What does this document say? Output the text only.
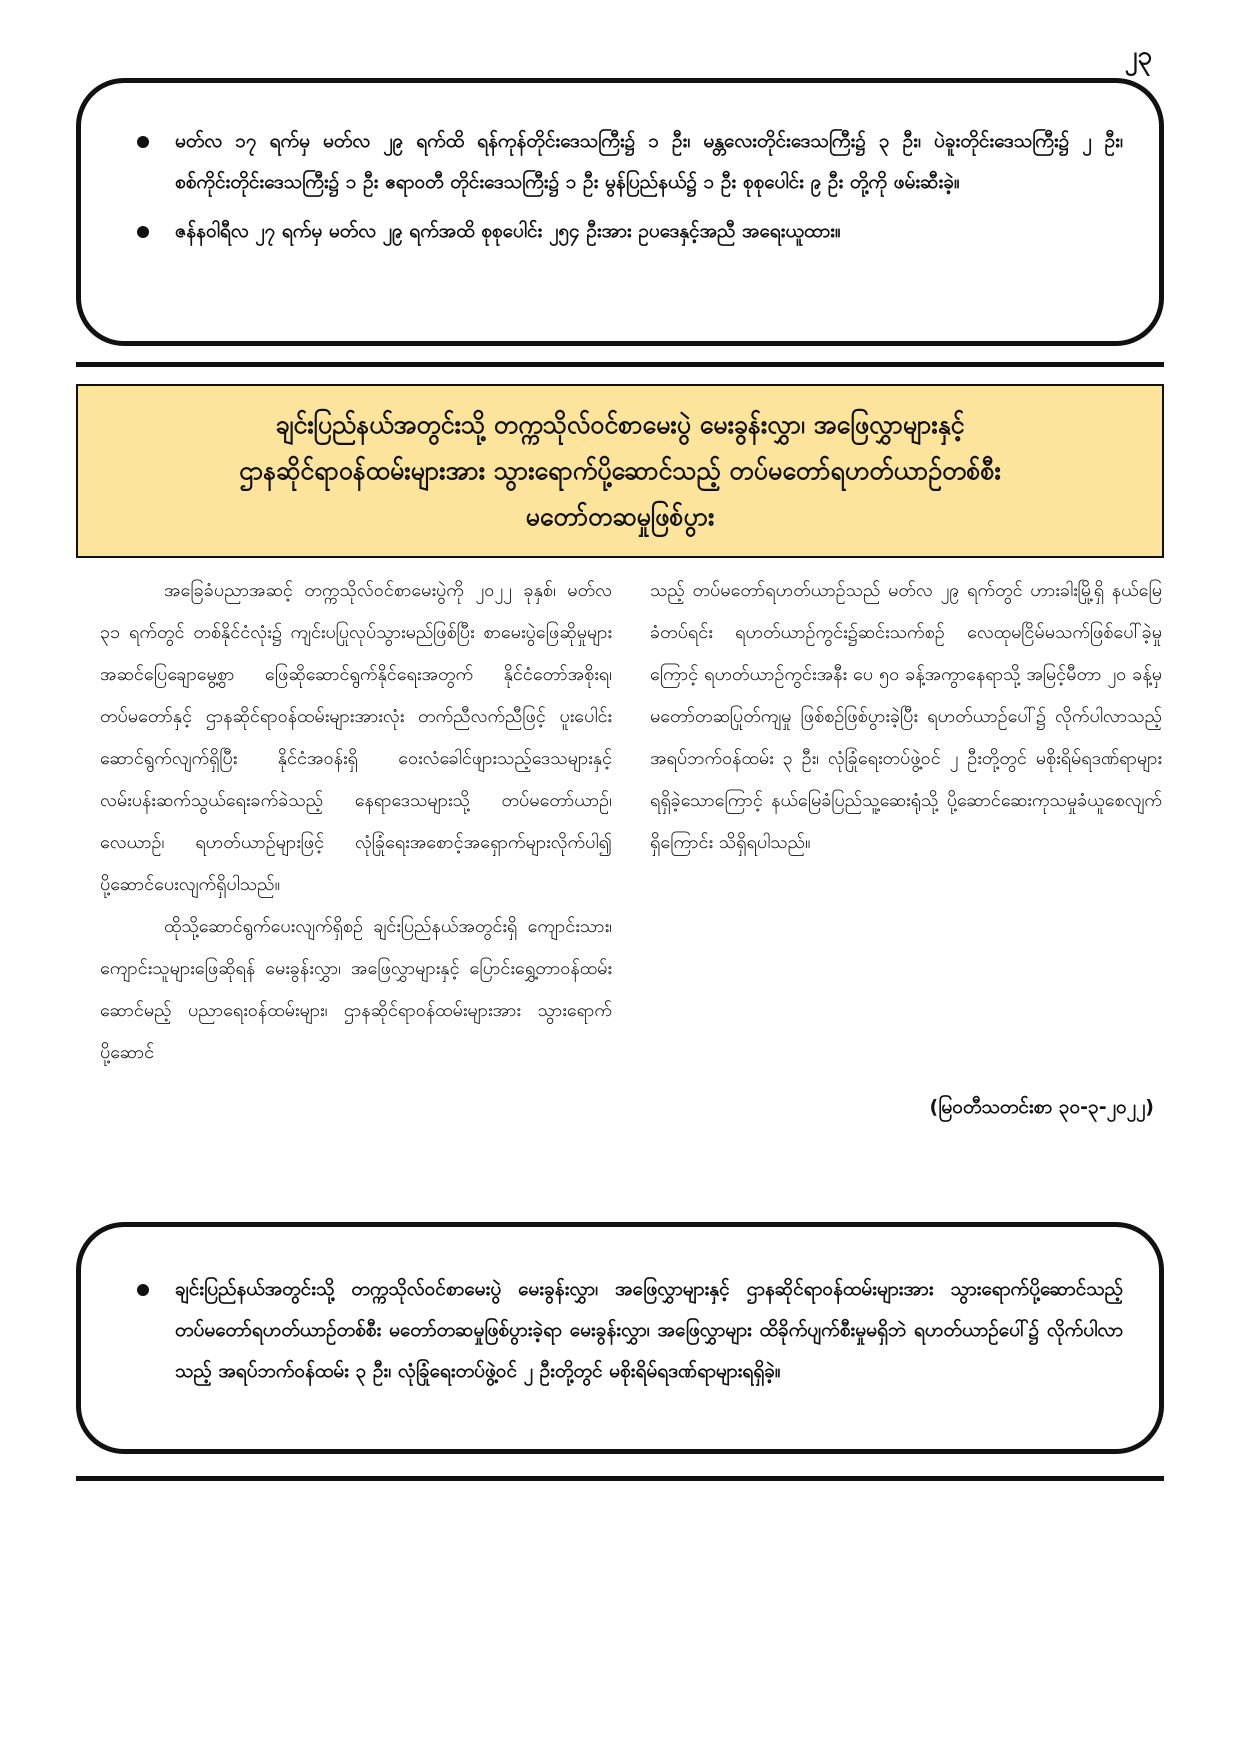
၂၃
မတ်လ ၁၇ ရက်မှ မတ်လ ၂၉ ရက်ထိ ရန်ကုန်တိုင်းဒေသကြီး၌ ၁ ဦး၊ မန္တလေးတိုင်းဒေသကြီး၌ ၃ ဦး၊ ပဲခူးတိုင်းဒေသကြီး၌ ၂ ဦး၊ စစ်ကိုင်းတိုင်းဒေသကြီး၌ ၁ ဦး ဧရာဝတီ တိုင်းဒေသကြီး၌ ၁ ဦး မွန်ပြည်နယ်၌ ၁ ဦး စုစုပေါင်း ၉ ဦး တို့ကို ဖမ်းဆီးခဲ့။
ဇန်နဝါရီလ ၂၇ ရက်မှ မတ်လ ၂၉ ရက်အထိ စုစုပေါင်း ၂၅၄ ဦးအား ဥပဒေနှင့်အညီ အရေးယူထား။
ချင်းပြည်နယ်အတွင်းသို့ တက္ကသိုလ်ဝင်စာမေးပွဲ မေးခွန်းလွှာ၊ အဖြေလွှာများနှင့်
ဌာနဆိုင်ရာဝန်ထမ်းများအား သွားရောက်ပို့ဆောင်သည့် တပ်မတော်ရဟတ်ယာဉ်တစ်စီး
မတော်တဆမှုဖြစ်ပွား

အခြေခံပညာအဆင့် တက္ကသိုလ်ဝင်စာမေးပွဲကို ၂၀၂၂ ခုနှစ်၊ မတ်လ ၃၁ ရက်တွင် တစ်နိုင်ငံလုံး၌ ကျင်းပပြုလုပ်သွားမည်ဖြစ်ပြီး စာမေးပွဲဖြေဆိုမှုများ အဆင်ပြေချောမွေ့စွာ ဖြေဆိုဆောင်ရွက်နိုင်ရေးအတွက် နိုင်ငံတော်အစိုးရ၊ တပ်မတော်နှင့် ဌာနဆိုင်ရာဝန်ထမ်းများအားလုံး တက်ညီလက်ညီဖြင့် ပူးပေါင်းဆောင်ရွက်လျက်ရှိပြီး နိုင်ငံအဝန်းရှိ ဝေးလံခေါင်ဖျားသည့်ဒေသများနှင့် လမ်းပန်းဆက်သွယ်ရေးခက်ခဲသည့် နေရာဒေသများသို့ တပ်မတော်ယာဉ်၊ လေယာဉ်၊ ရဟတ်ယာဉ်များဖြင့် လုံခြုံရေးအစောင့်အရှောက်များလိုက်ပါ၍ ပို့ဆောင်ပေးလျက်ရှိပါသည်။

ထိုသို့ဆောင်ရွက်ပေးလျက်ရှိစဉ် ချင်းပြည်နယ်အတွင်းရှိ ကျောင်းသား၊ ကျောင်းသူများဖြေဆိုရန် မေးခွန်းလွှာ၊ အဖြေလွှာများနှင့် ပြောင်းရွှေ့တာဝန်ထမ်းဆောင်မည့် ပညာရေးဝန်ထမ်းများ၊ ဌာနဆိုင်ရာဝန်ထမ်းများအား သွားရောက်ပို့ဆောင်

သည့် တပ်မတော်ရဟတ်ယာဉ်သည် မတ်လ ၂၉ ရက်တွင် ဟားခါးမြို့ရှိ နယ်မြေခံတပ်ရင်း ရဟတ်ယာဉ်ကွင်း၌ဆင်းသက်စဉ် လေထုမငြိမ်မသက်ဖြစ်ပေါ်ခဲ့မှုကြောင့် ရဟတ်ယာဉ်ကွင်းအနီး ပေ ၅၀ ခန့်အကွာနေရာသို့ အမြင့်မီတာ ၂၀ ခန့်မှ မတော်တဆပြုတ်ကျမှု ဖြစ်စဉ်ဖြစ်ပွားခဲ့ပြီး ရဟတ်ယာဉ်ပေါ်၌ လိုက်ပါလာသည့် အရပ်ဘက်ဝန်ထမ်း ၃ ဦး၊ လုံခြုံရေးတပ်ဖွဲ့ဝင် ၂ ဦးတို့တွင် မစိုးရိမ်ရဒဏ်ရာများရရှိခဲ့သောကြောင့် နယ်မြေခံပြည်သူ့ဆေးရုံသို့ ပို့ဆောင်ဆေးကုသမှုခံယူစေလျက်ရှိကြောင်း သိရှိရပါသည်။

(မြဝတီသတင်းစာ ၃၀-၃-၂၀၂၂)
ချင်းပြည်နယ်အတွင်းသို့ တက္ကသိုလ်ဝင်စာမေးပွဲ မေးခွန်းလွှာ၊ အဖြေလွှာများနှင့် ဌာနဆိုင်ရာဝန်ထမ်းများအား သွားရောက်ပို့ဆောင်သည့် တပ်မတော်ရဟတ်ယာဉ်တစ်စီး မတော်တဆမှုဖြစ်ပွားခဲ့ရာ မေးခွန်းလွှာ၊ အဖြေလွှာများ ထိခိုက်ပျက်စီးမှုမရှိဘဲ ရဟတ်ယာဉ်ပေါ်၌ လိုက်ပါလာသည့် အရပ်ဘက်ဝန်ထမ်း ၃ ဦး၊ လုံခြုံရေးတပ်ဖွဲ့ဝင် ၂ ဦးတို့တွင် မစိုးရိမ်ရဒဏ်ရာများရရှိခဲ့။
